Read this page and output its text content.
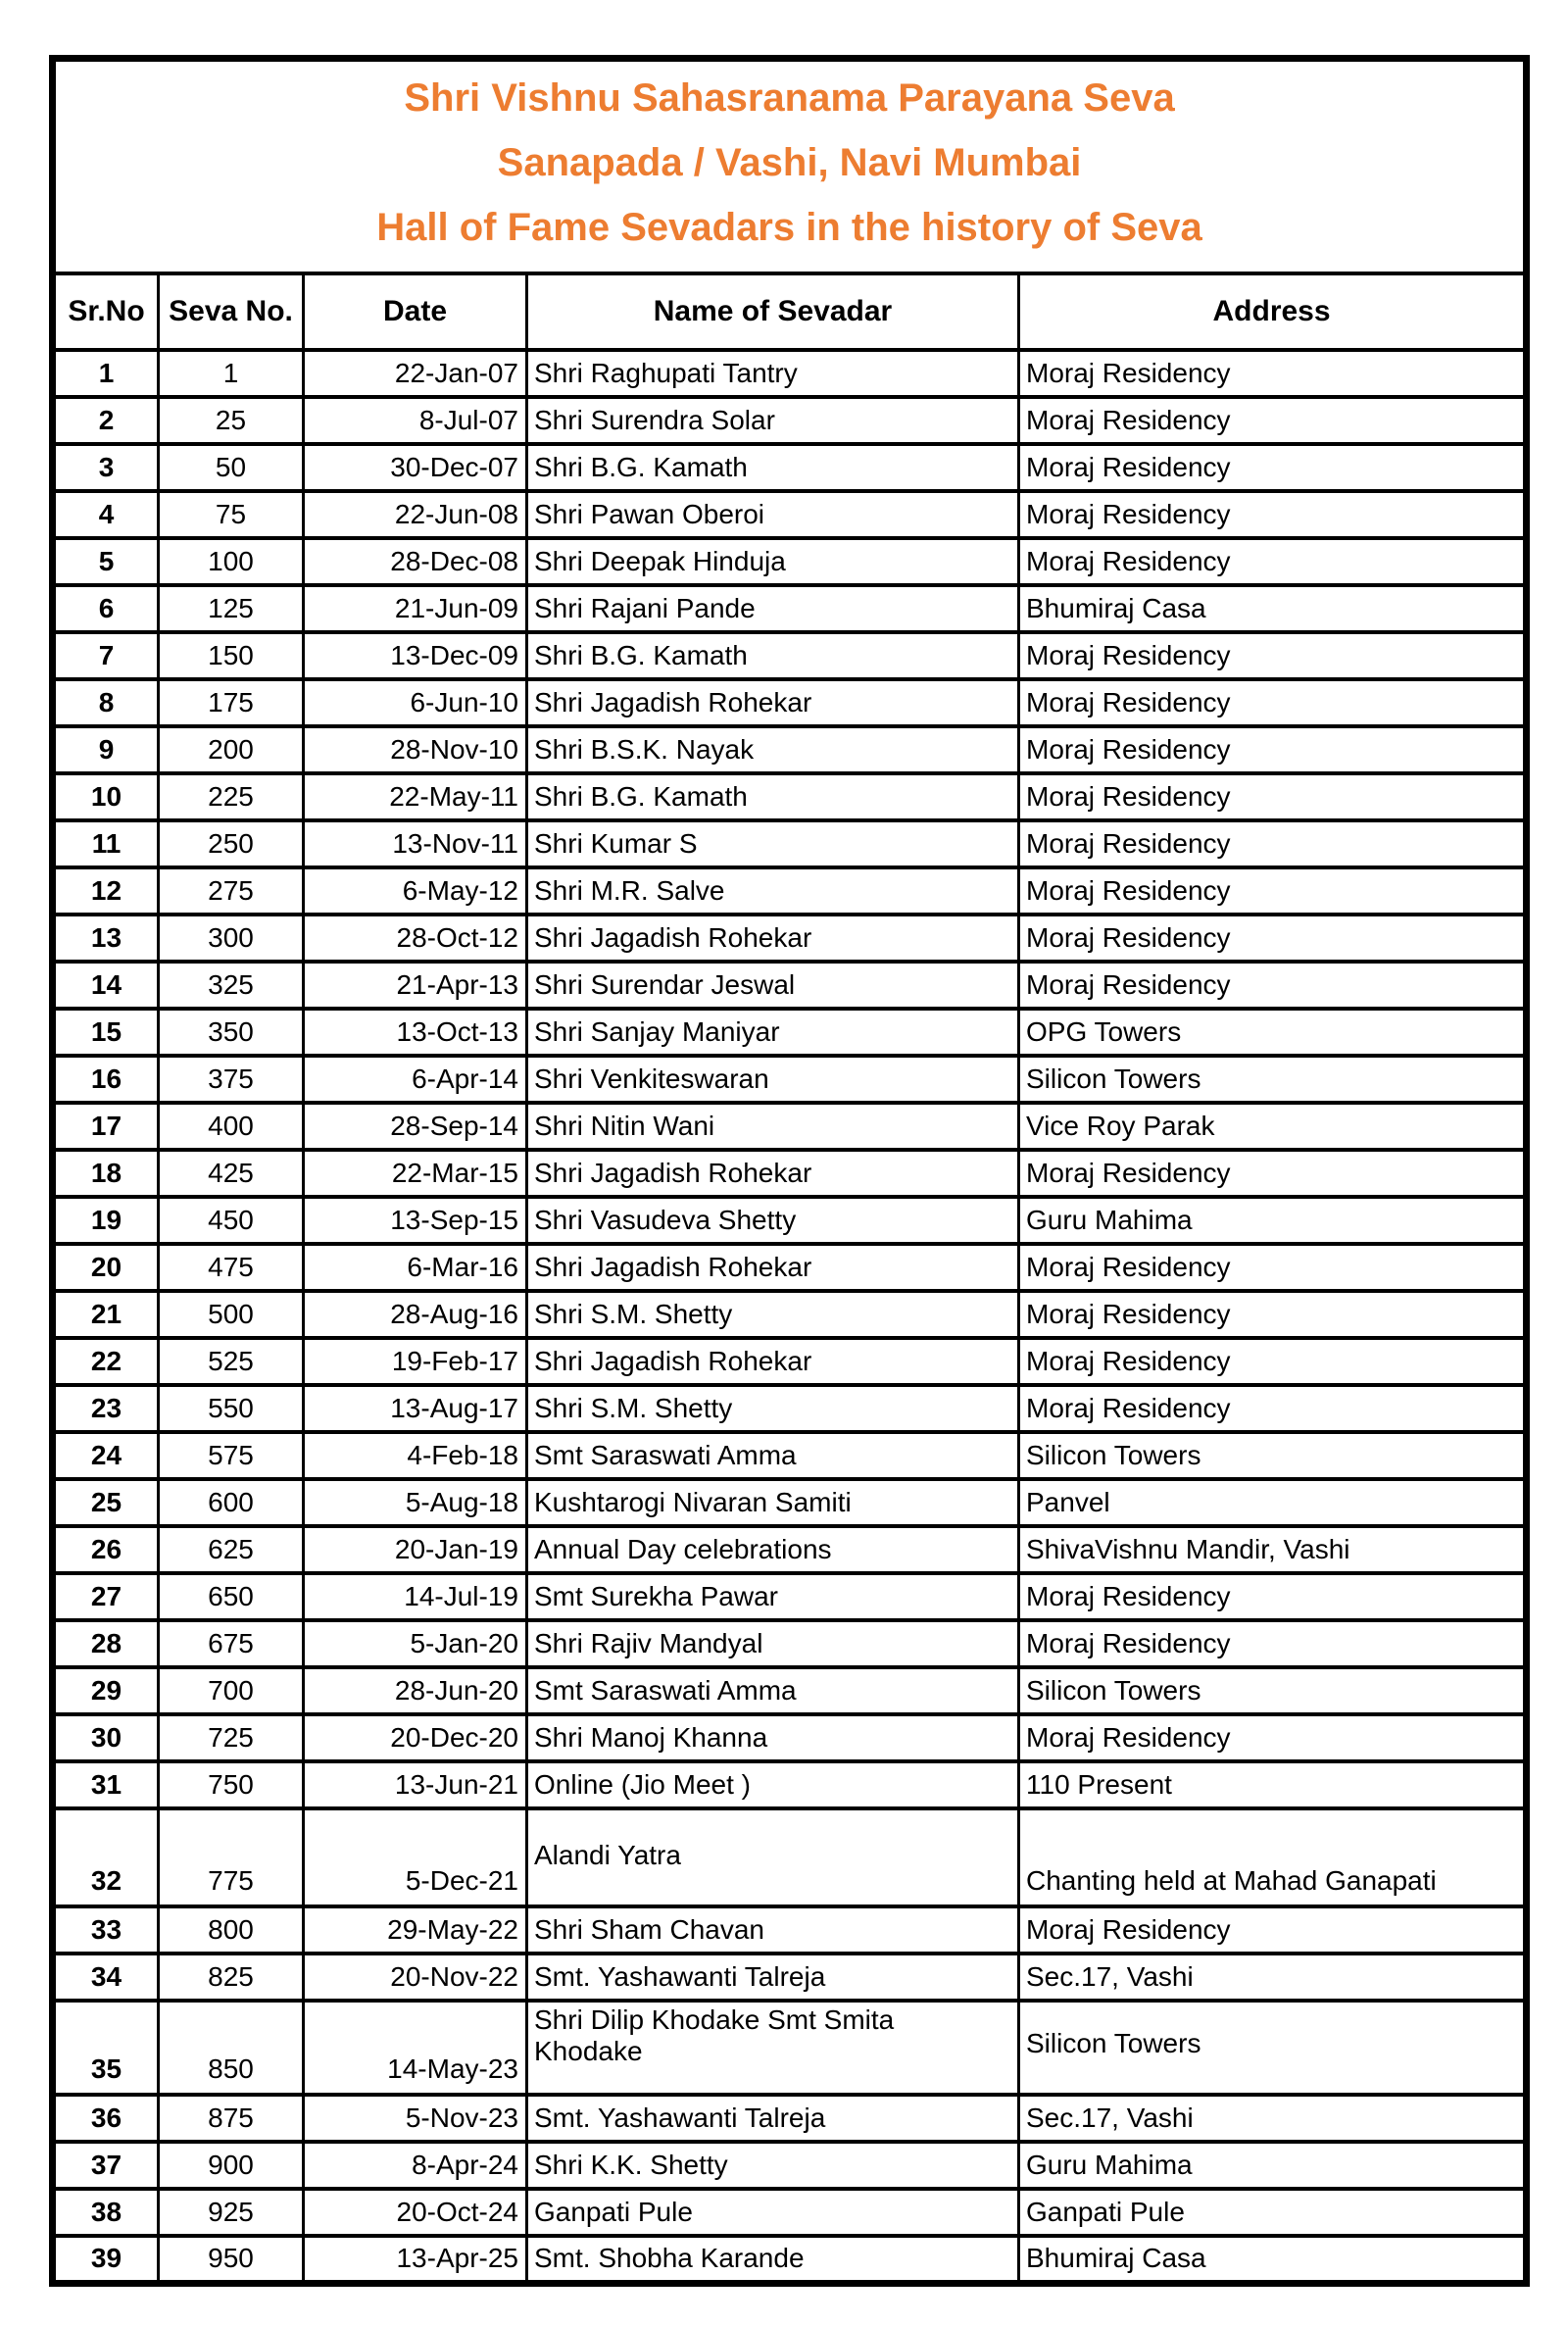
Shri Vishnu Sahasranama Parayana Seva
Sanapada / Vashi, Navi Mumbai
Hall of Fame Sevadars in the history of Seva				

Sr.No	Seva No.	Date	Name of Sevadar	Address
1	1	22-Jan-07	Shri Raghupati Tantry	Moraj Residency
2	25	8-Jul-07	Shri Surendra Solar	Moraj Residency
3	50	30-Dec-07	Shri B.G. Kamath	Moraj Residency
4	75	22-Jun-08	Shri Pawan Oberoi	Moraj Residency
5	100	28-Dec-08	Shri Deepak Hinduja	Moraj Residency
6	125	21-Jun-09	Shri Rajani Pande	Bhumiraj Casa
7	150	13-Dec-09	Shri B.G. Kamath	Moraj Residency
8	175	6-Jun-10	Shri Jagadish Rohekar	Moraj Residency
9	200	28-Nov-10	Shri B.S.K. Nayak	Moraj Residency
10	225	22-May-11	Shri B.G. Kamath	Moraj Residency
11	250	13-Nov-11	Shri Kumar S	Moraj Residency
12	275	6-May-12	Shri M.R. Salve	Moraj Residency
13	300	28-Oct-12	Shri Jagadish Rohekar	Moraj Residency
14	325	21-Apr-13	Shri Surendar Jeswal	Moraj Residency
15	350	13-Oct-13	Shri Sanjay Maniyar	OPG Towers
16	375	6-Apr-14	Shri Venkiteswaran	Silicon Towers
17	400	28-Sep-14	Shri Nitin Wani	Vice Roy Parak
18	425	22-Mar-15	Shri Jagadish Rohekar	Moraj Residency
19	450	13-Sep-15	Shri Vasudeva Shetty	Guru Mahima
20	475	6-Mar-16	Shri Jagadish Rohekar	Moraj Residency
21	500	28-Aug-16	Shri S.M. Shetty	Moraj Residency
22	525	19-Feb-17	Shri Jagadish Rohekar	Moraj Residency
23	550	13-Aug-17	Shri S.M. Shetty	Moraj Residency
24	575	4-Feb-18	Smt Saraswati Amma	Silicon Towers
25	600	5-Aug-18	Kushtarogi Nivaran Samiti	Panvel
26	625	20-Jan-19	Annual Day celebrations	ShivaVishnu Mandir, Vashi
27	650	14-Jul-19	Smt Surekha Pawar	Moraj Residency
28	675	5-Jan-20	Shri Rajiv Mandyal	Moraj Residency
29	700	28-Jun-20	Smt Saraswati Amma	Silicon Towers
30	725	20-Dec-20	Shri Manoj Khanna	Moraj Residency
31	750	13-Jun-21	Online (Jio Meet )	110 Present
32	775	5-Dec-21	Alandi Yatra	Chanting held at Mahad Ganapati
33	800	29-May-22	Shri Sham Chavan	Moraj Residency
34	825	20-Nov-22	Smt. Yashawanti Talreja	Sec.17, Vashi
35	850	14-May-23	Shri Dilip Khodake Smt Smita Khodake	Silicon Towers
36	875	5-Nov-23	Smt. Yashawanti Talreja	Sec.17, Vashi
37	900	8-Apr-24	Shri K.K. Shetty	Guru Mahima
38	925	20-Oct-24	Ganpati Pule	Ganpati Pule
39	950	13-Apr-25	Smt. Shobha Karande	Bhumiraj Casa
